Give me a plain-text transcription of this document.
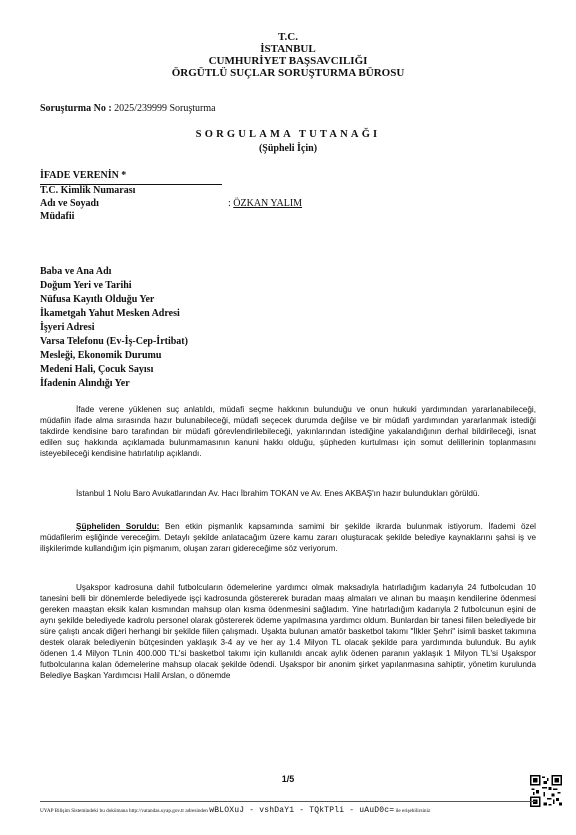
T.C.
İSTANBUL
CUMHURİYET BAŞSAVCILIĞI
ÖRGÜTLÜ SUÇLAR SORUŞTURMA BÜROSU
Soruşturma No : 2025/239999 Soruşturma
SORGULAMA TUTANAĞI
(Şüpheli İçin)
İFADE VERENİN *
T.C. Kimlik Numarası
Adı ve Soyadı	: ÖZKAN YALIM
Müdafii
Baba ve Ana Adı
Doğum Yeri ve Tarihi
Nüfusa Kayıtlı Olduğu Yer
İkametgah Yahut Mesken Adresi
İşyeri Adresi
Varsa Telefonu (Ev-İş-Cep-İrtibat)
Mesleği, Ekonomik Durumu
Medeni Hali, Çocuk Sayısı
İfadenin Alındığı Yer
İfade verene yüklenen suç anlatıldı, müdafi seçme hakkının bulunduğu ve onun hukuki yardımından yararlanabileceği, müdafiin ifade alma sırasında hazır bulunabileceği, müdafi seçecek durumda değilse ve bir müdafi yardımından yararlanmak istediği takdirde kendisine baro tarafından bir müdafi görevlendirilebileceği, yakınlarından istediğine yakalandığının derhal bildirileceği, isnat edilen suç hakkında açıklamada bulunmamasının kanuni hakkı olduğu, şüpheden kurtulması için somut delillerinin toplanmasını isteyebileceği kendisine hatırlatılıp açıklandı.
İstanbul 1 Nolu Baro Avukatlarından Av. Hacı İbrahim TOKAN ve Av. Enes AKBAŞ'ın hazır bulundukları görüldü.
Şüpheliden Soruldu: Ben etkin pişmanlık kapsamında samimi bir şekilde ikrarda bulunmak istiyorum. İfademi özel müdafilerim eşliğinde vereceğim. Detaylı şekilde anlatacağım üzere kamu zararı oluşturacak şekilde belediye kaynaklarını şahsi iş ve ilişkilerimde kullandığım için pişmanım, oluşan zararı gidereceğime söz veriyorum.
Uşakspor kadrosuna dahil futbolcuların ödemelerine yardımcı olmak maksadıyla hatırladığım kadarıyla 24 futbolcudan 10 tanesini belli bir dönemlerde belediyede işçi kadrosunda göstererek buradan maaş almaları ve alınan bu maaşın kendilerine ödenmesi gereken maaştan eksik kalan kısmından mahsup olan kısma ödenmesini sağladım. Yine hatırladığım kadarıyla 2 futbolcunun eşini de aynı şekilde belediyede kadrolu personel olarak göstererek ödeme yapılmasına yardımcı oldum. Bunlardan bir tanesi fiilen belediyede bir süre çalıştı ancak diğeri herhangi bir şekilde fiilen çalışmadı. Uşakta bulunan amatör basketbol takımı "İlkler Şehri" isimli basket takımına destek olarak belediyenin bütçesinden yaklaşık 3-4 ay ve her ay 1.4 Milyon TL olacak şekilde para yardımında bulunduk. Bu aylık ödenen 1.4 Milyon TLnin 400.000 TL'si basketbol takımı için kullanıldı ancak aylık ödenen paranın yaklaşık 1 Milyon TL'si Uşakspor futbolcularına kalan ödemelerine mahsup olacak şekilde ödendi. Uşakspor bir anonim şirket yapılanmasına sahiptir, yönetim kurulunda Belediye Başkan Yardımcısı Halil Arslan, o dönemde
1/5
UYAP Bilişim Sistemindeki bu dokümana http://vatandas.uyap.gov.tr adresinden wBLOXuJ - vshDaY1 - TQkTPli - uAuD0c= ile erişebilirsiniz
